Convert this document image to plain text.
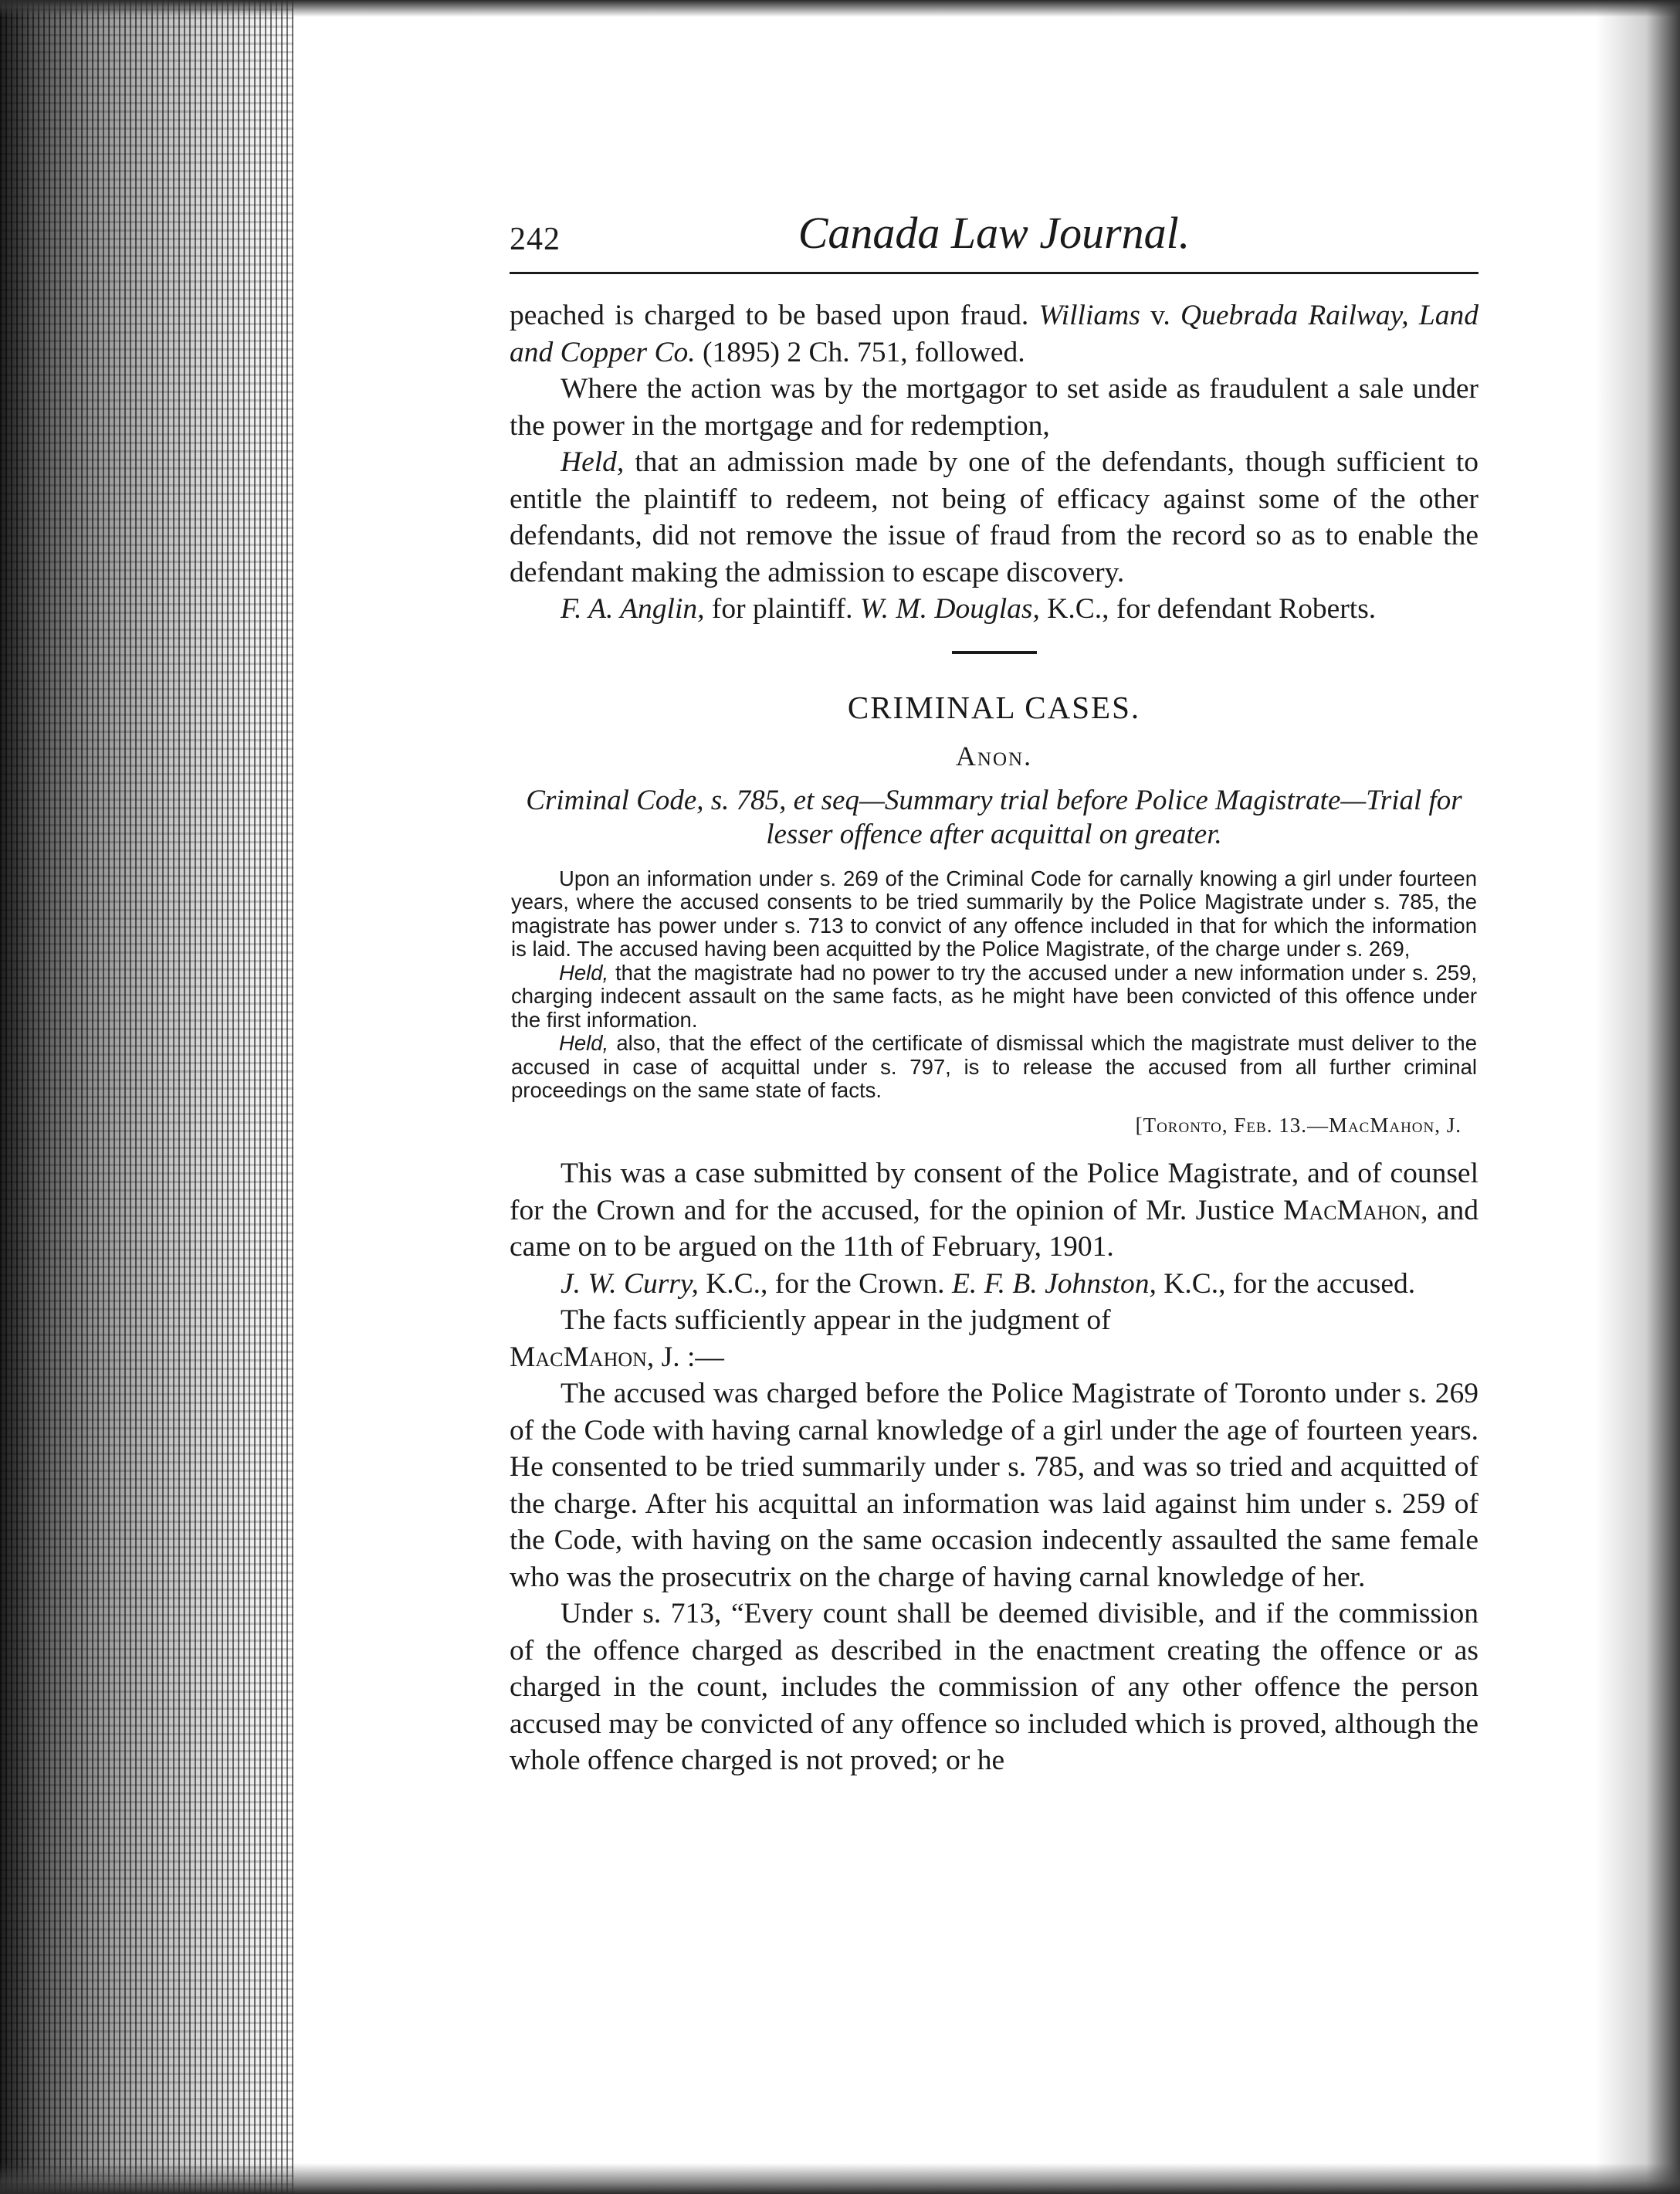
242	Canada Law Journal.

peached is charged to be based upon fraud. Williams v. Quebrada Railway, Land and Copper Co. (1895) 2 Ch. 751, followed.

Where the action was by the mortgagor to set aside as fraudulent a sale under the power in the mortgage and for redemption,

Held, that an admission made by one of the defendants, though sufficient to entitle the plaintiff to redeem, not being of efficacy against some of the other defendants, did not remove the issue of fraud from the record so as to enable the defendant making the admission to escape discovery.

F. A. Anglin, for plaintiff. W. M. Douglas, K.C., for defendant Roberts.

CRIMINAL CASES.
Anon.
Criminal Code, s. 785, et seq—Summary trial before Police Magistrate—Trial for lesser offence after acquittal on greater.

Upon an information under s. 269 of the Criminal Code for carnally knowing a girl under fourteen years, where the accused consents to be tried summarily by the Police Magistrate under s. 785, the magistrate has power under s. 713 to convict of any offence included in that for which the information is laid. The accused having been acquitted by the Police Magistrate, of the charge under s. 269,

Held, that the magistrate had no power to try the accused under a new information under s. 259, charging indecent assault on the same facts, as he might have been convicted of this offence under the first information.

Held, also, that the effect of the certificate of dismissal which the magistrate must deliver to the accused in case of acquittal under s. 797, is to release the accused from all further criminal proceedings on the same state of facts.

[Toronto, Feb. 13.—MacMahon, J.

This was a case submitted by consent of the Police Magistrate, and of counsel for the Crown and for the accused, for the opinion of Mr. Justice MacMahon, and came on to be argued on the 11th of February, 1901.

J. W. Curry, K.C., for the Crown. E. F. B. Johnston, K.C., for the accused.

The facts sufficiently appear in the judgment of

MacMahon, J. :—

The accused was charged before the Police Magistrate of Toronto under s. 269 of the Code with having carnal knowledge of a girl under the age of fourteen years. He consented to be tried summarily under s. 785, and was so tried and acquitted of the charge. After his acquittal an information was laid against him under s. 259 of the Code, with having on the same occasion indecently assaulted the same female who was the prosecutrix on the charge of having carnal knowledge of her.

Under s. 713, “Every count shall be deemed divisible, and if the commission of the offence charged as described in the enactment creating the offence or as charged in the count, includes the commission of any other offence the person accused may be convicted of any offence so included which is proved, although the whole offence charged is not proved; or he
